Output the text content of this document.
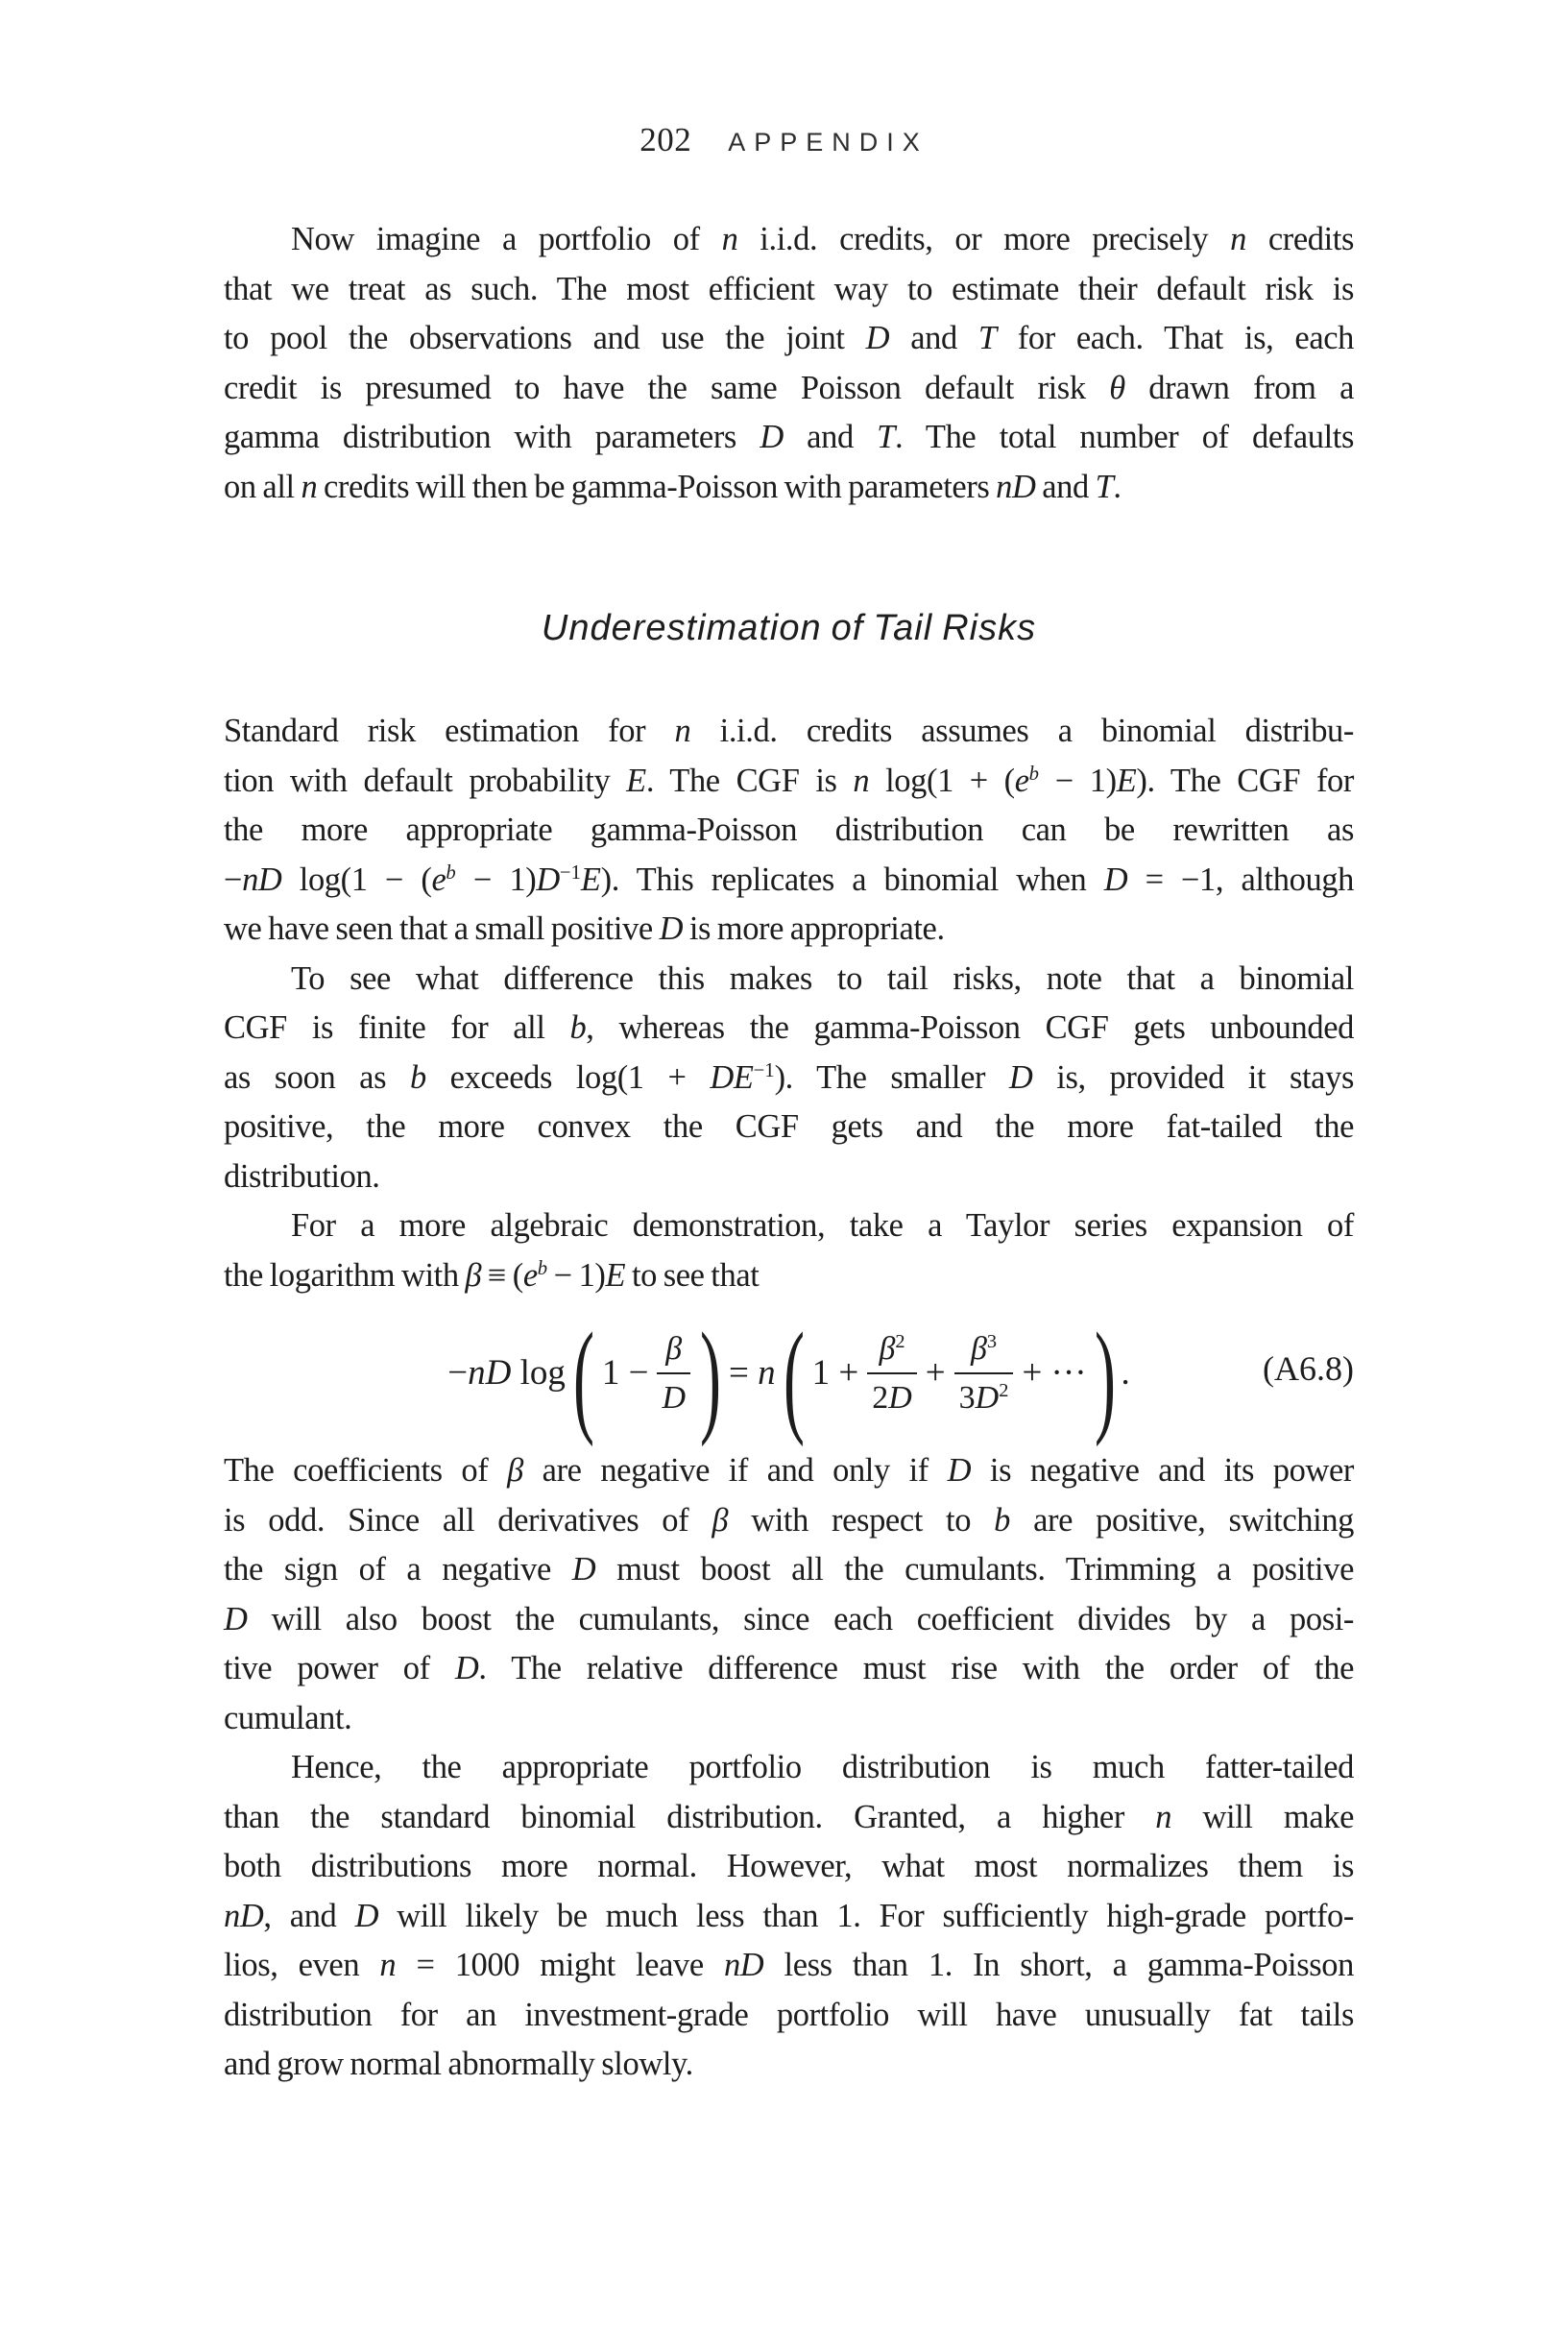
202 APPENDIX
Now imagine a portfolio of n i.i.d. credits, or more precisely n credits
that we treat as such. The most efficient way to estimate their default risk is
to pool the observations and use the joint D and T for each. That is, each
credit is presumed to have the same Poisson default risk θ drawn from a
gamma distribution with parameters D and T. The total number of defaults
on all n credits will then be gamma-Poisson with parameters nD and T.
Underestimation of Tail Risks
Standard risk estimation for n i.i.d. credits assumes a binomial distribu-
tion with default probability E. The CGF is n $\log(1 + (e^b - 1)E)$. The CGF for
the more appropriate gamma-Poisson distribution can be rewritten as
−nD $\log(1 - (e^b - 1)D^{-1}E)$. This replicates a binomial when D = −1, although
we have seen that a small positive D is more appropriate.
To see what difference this makes to tail risks, note that a binomial
CGF is finite for all b, whereas the gamma-Poisson CGF gets unbounded
as soon as b exceeds $\log(1 + DE^{-1})$. The smaller D is, provided it stays
positive, the more convex the CGF gets and the more fat-tailed the
distribution.
For a more algebraic demonstration, take a Taylor series expansion of
the logarithm with $\beta \equiv (e^b - 1)E$ to see that
−nD log ( $1 - \frac{\beta}{D}$ ) = n ( $1 + \frac{\beta^2}{2D} + \frac{\beta^3}{3D^2}$ + ··· ) .	(A6.8)
The coefficients of β are negative if and only if D is negative and its power
is odd. Since all derivatives of β with respect to b are positive, switching
the sign of a negative D must boost all the cumulants. Trimming a positive
D will also boost the cumulants, since each coefficient divides by a posi-
tive power of D. The relative difference must rise with the order of the
cumulant.
Hence, the appropriate portfolio distribution is much fatter-tailed
than the standard binomial distribution. Granted, a higher n will make
both distributions more normal. However, what most normalizes them is
nD, and D will likely be much less than 1. For sufficiently high-grade portfo-
lios, even n = 1000 might leave nD less than 1. In short, a gamma-Poisson
distribution for an investment-grade portfolio will have unusually fat tails
and grow normal abnormally slowly.
